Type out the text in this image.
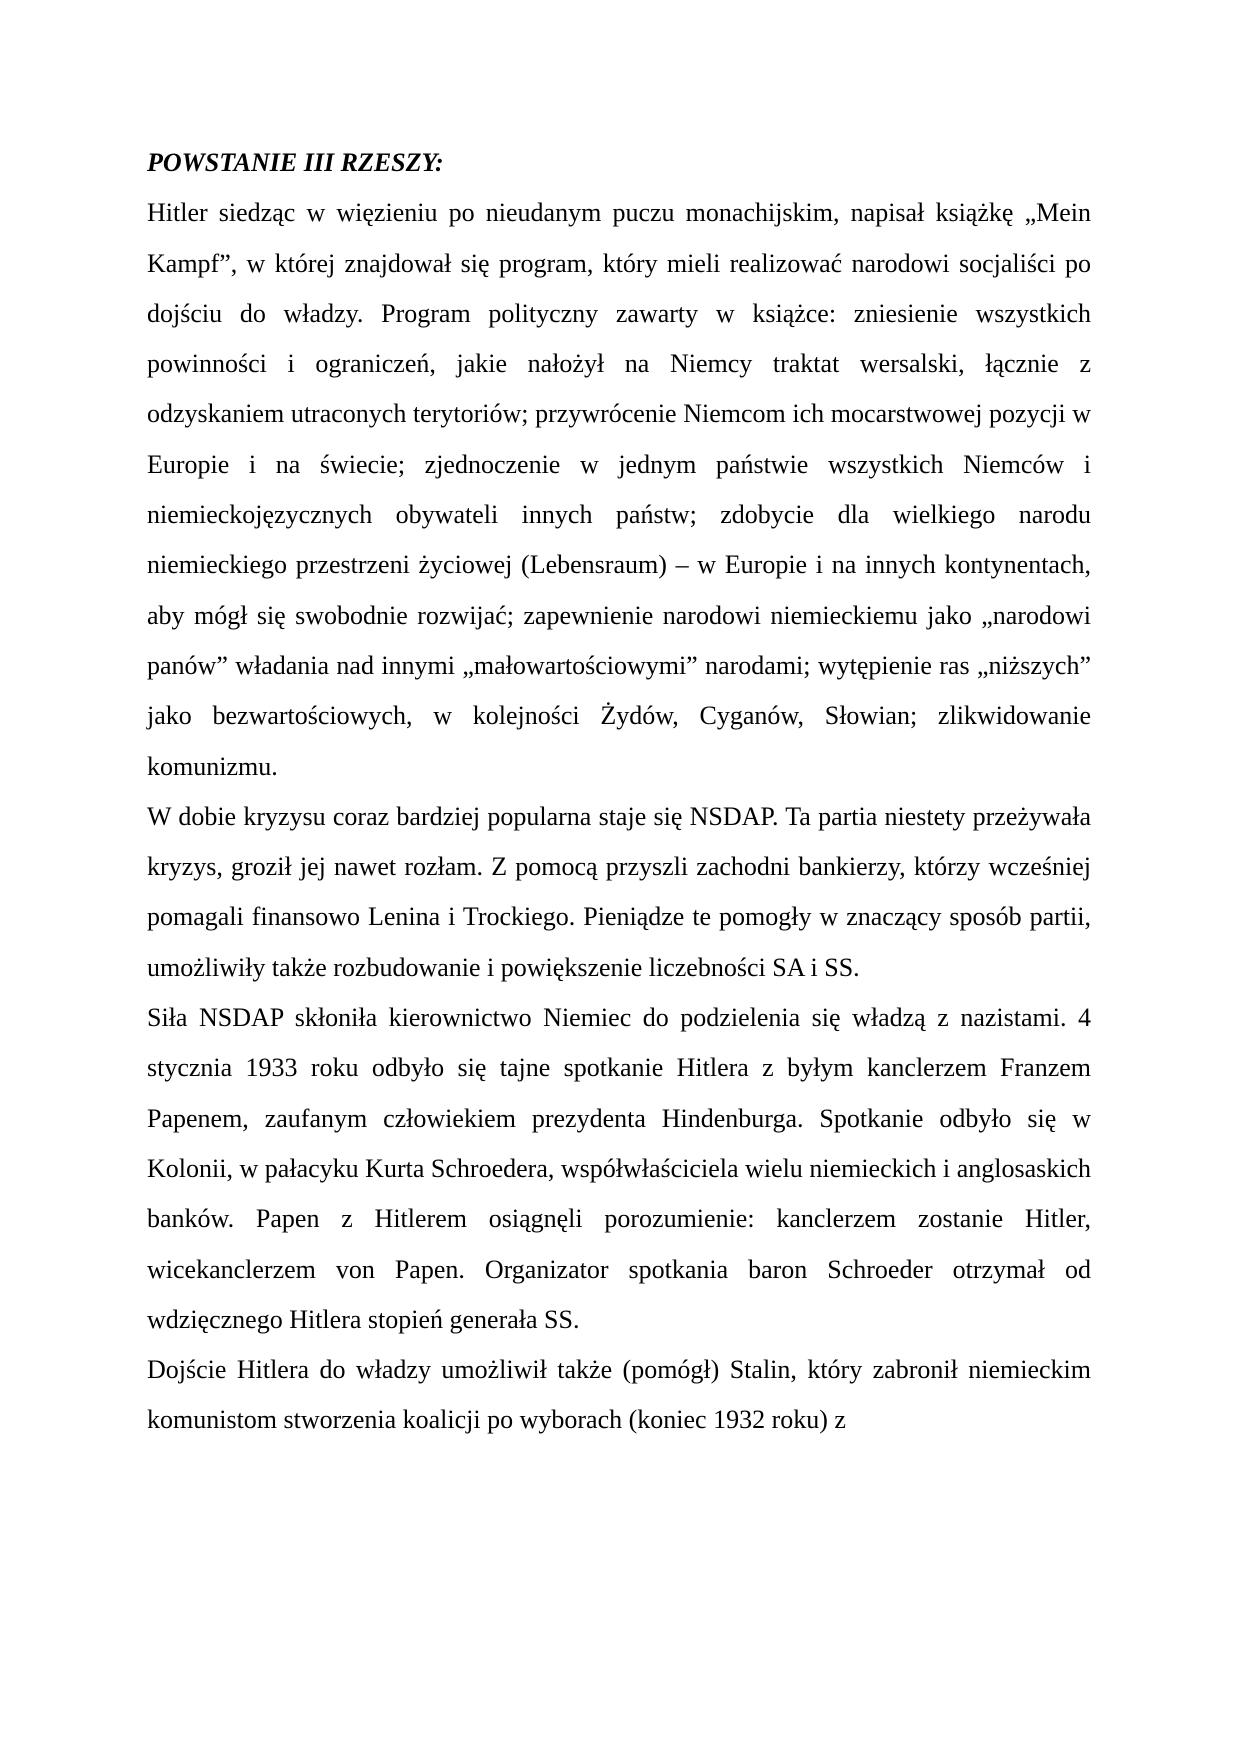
POWSTANIE III RZESZY:

Hitler siedząc w więzieniu po nieudanym puczu monachijskim, napisał książkę „Mein Kampf”, w której znajdował się program, który mieli realizować narodowi socjaliści po dojściu do władzy. Program polityczny zawarty w książce: zniesienie wszystkich powinności i ograniczeń, jakie nałożył na Niemcy traktat wersalski, łącznie z odzyskaniem utraconych terytoriów; przywrócenie Niemcom ich mocarstwowej pozycji w Europie i na świecie; zjednoczenie w jednym państwie wszystkich Niemców i niemieckojęzycznych obywateli innych państw; zdobycie dla wielkiego narodu niemieckiego przestrzeni życiowej (Lebensraum) – w Europie i na innych kontynentach, aby mógł się swobodnie rozwijać; zapewnienie narodowi niemieckiemu jako „narodowi panów” władania nad innymi „małowartościowymi” narodami; wytępienie ras „niższych” jako bezwartościowych, w kolejności Żydów, Cyganów, Słowian; zlikwidowanie komunizmu.

W dobie kryzysu coraz bardziej popularna staje się NSDAP. Ta partia niestety przeżywała kryzys, groził jej nawet rozłam. Z pomocą przyszli zachodni bankierzy, którzy wcześniej pomagali finansowo Lenina i Trockiego. Pieniądze te pomogły w znaczący sposób partii, umożliwiły także rozbudowanie i powiększenie liczebności SA i SS.

Siła NSDAP skłoniła kierownictwo Niemiec do podzielenia się władzą z nazistami. 4 stycznia 1933 roku odbyło się tajne spotkanie Hitlera z byłym kanclerzem Franzem Papenem, zaufanym człowiekiem prezydenta Hindenburga. Spotkanie odbyło się w Kolonii, w pałacyku Kurta Schroedera, współwłaściciela wielu niemieckich i anglosaskich banków. Papen z Hitlerem osiągnęli porozumienie: kanclerzem zostanie Hitler, wicekanclerzem von Papen. Organizator spotkania baron Schroeder otrzymał od wdzięcznego Hitlera stopień generała SS.

Dojście Hitlera do władzy umożliwił także (pomógł) Stalin, który zabronił niemieckim komunistom stworzenia koalicji po wyborach (koniec 1932 roku) z
